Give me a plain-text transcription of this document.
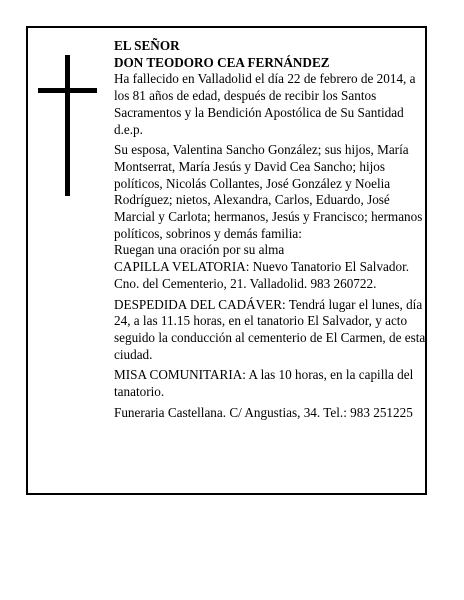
EL SEÑOR

DON TEODORO CEA FERNÁNDEZ

Ha fallecido en Valladolid el día 22 de febrero de 2014, a los 81 años de edad, después de recibir los Santos Sacramentos y la Bendición Apostólica de Su Santidad d.e.p.

Su esposa, Valentina Sancho González; sus hijos, María Montserrat, María Jesús y David Cea Sancho; hijos políticos, Nicolás Collantes, José González y Noelia Rodríguez; nietos, Alexandra, Carlos, Eduardo, José Marcial y Carlota; hermanos, Jesús y Francisco; hermanos políticos, sobrinos y demás familia:

Ruegan una oración por su alma

CAPILLA VELATORIA: Nuevo Tanatorio El Salvador. Cno. del Cementerio, 21. Valladolid. 983 260722.

DESPEDIDA DEL CADÁVER: Tendrá lugar el lunes, día 24, a las 11.15 horas, en el tanatorio El Salvador, y acto seguido la conducción al cementerio de El Carmen, de esta ciudad.

MISA COMUNITARIA: A las 10 horas, en la capilla del tanatorio.

Funeraria Castellana. C/ Angustias, 34. Tel.: 983 251225
